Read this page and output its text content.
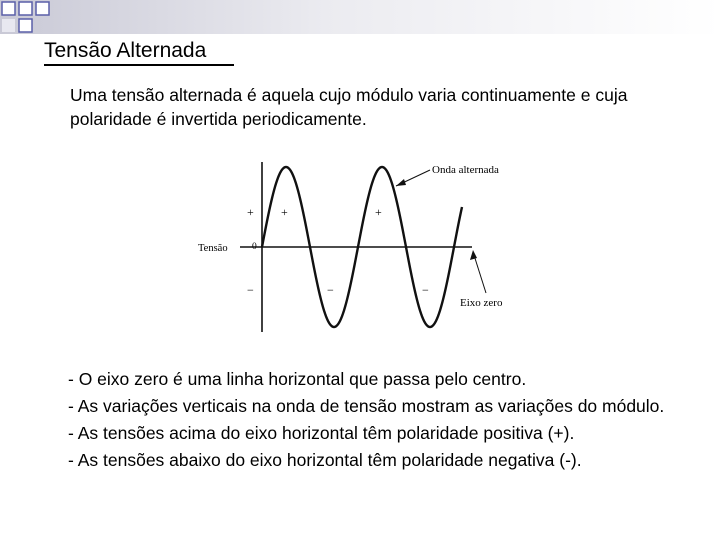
Tensão Alternada

Uma tensão alternada é aquela cujo módulo varia continuamente e cuja polaridade é invertida periodicamente.

Onda alternada
Tensão	0
Eixo zero
+ +	+
−	−	−
- O eixo zero é uma linha horizontal que passa pelo centro.
- As variações verticais na onda de tensão mostram as variações do módulo.
- As tensões acima do eixo horizontal têm polaridade positiva (+).
- As tensões abaixo do eixo horizontal têm polaridade negativa (-).
